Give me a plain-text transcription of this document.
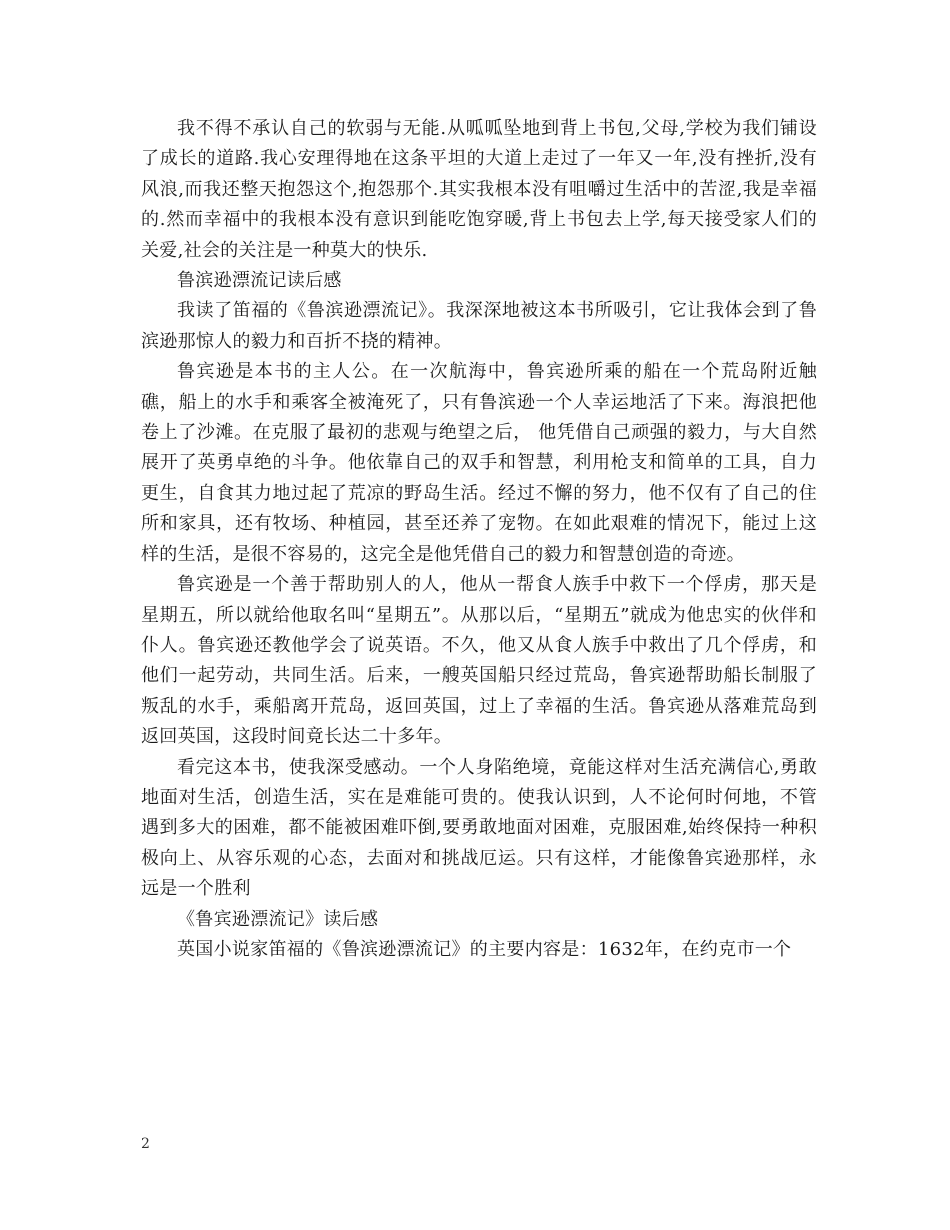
我不得不承认自己的软弱与无能.从呱呱坠地到背上书包,父母,学校为我们铺设了成长的道路.我心安理得地在这条平坦的大道上走过了一年又一年,没有挫折,没有风浪,而我还整天抱怨这个,抱怨那个.其实我根本没有咀嚼过生活中的苦涩,我是幸福的.然而幸福中的我根本没有意识到能吃饱穿暖,背上书包去上学,每天接受家人们的关爱,社会的关注是一种莫大的快乐.

鲁滨逊漂流记读后感

我读了笛福的《鲁滨逊漂流记》。我深深地被这本书所吸引，它让我体会到了鲁滨逊那惊人的毅力和百折不挠的精神。

鲁宾逊是本书的主人公。在一次航海中，鲁宾逊所乘的船在一个荒岛附近触礁，船上的水手和乘客全被淹死了，只有鲁滨逊一个人幸运地活了下来。海浪把他卷上了沙滩。在克服了最初的悲观与绝望之后， 他凭借自己顽强的毅力，与大自然展开了英勇卓绝的斗争。他依靠自己的双手和智慧，利用枪支和简单的工具，自力更生，自食其力地过起了荒凉的野岛生活。经过不懈的努力，他不仅有了自己的住所和家具，还有牧场、种植园，甚至还养了宠物。在如此艰难的情况下，能过上这样的生活，是很不容易的，这完全是他凭借自己的毅力和智慧创造的奇迹。

鲁宾逊是一个善于帮助别人的人，他从一帮食人族手中救下一个俘虏，那天是星期五，所以就给他取名叫“星期五”。从那以后，“星期五”就成为他忠实的伙伴和仆人。鲁宾逊还教他学会了说英语。不久，他又从食人族手中救出了几个俘虏，和他们一起劳动，共同生活。后来，一艘英国船只经过荒岛，鲁宾逊帮助船长制服了叛乱的水手，乘船离开荒岛，返回英国，过上了幸福的生活。鲁宾逊从落难荒岛到返回英国，这段时间竟长达二十多年。

看完这本书，使我深受感动。一个人身陷绝境，竟能这样对生活充满信心,勇敢地面对生活，创造生活，实在是难能可贵的。使我认识到，人不论何时何地，不管遇到多大的困难，都不能被困难吓倒,要勇敢地面对困难，克服困难,始终保持一种积极向上、从容乐观的心态，去面对和挑战厄运。只有这样，才能像鲁宾逊那样，永远是一个胜利

《鲁宾逊漂流记》读后感

英国小说家笛福的《鲁滨逊漂流记》的主要内容是：1632年，在约克市一个

2
